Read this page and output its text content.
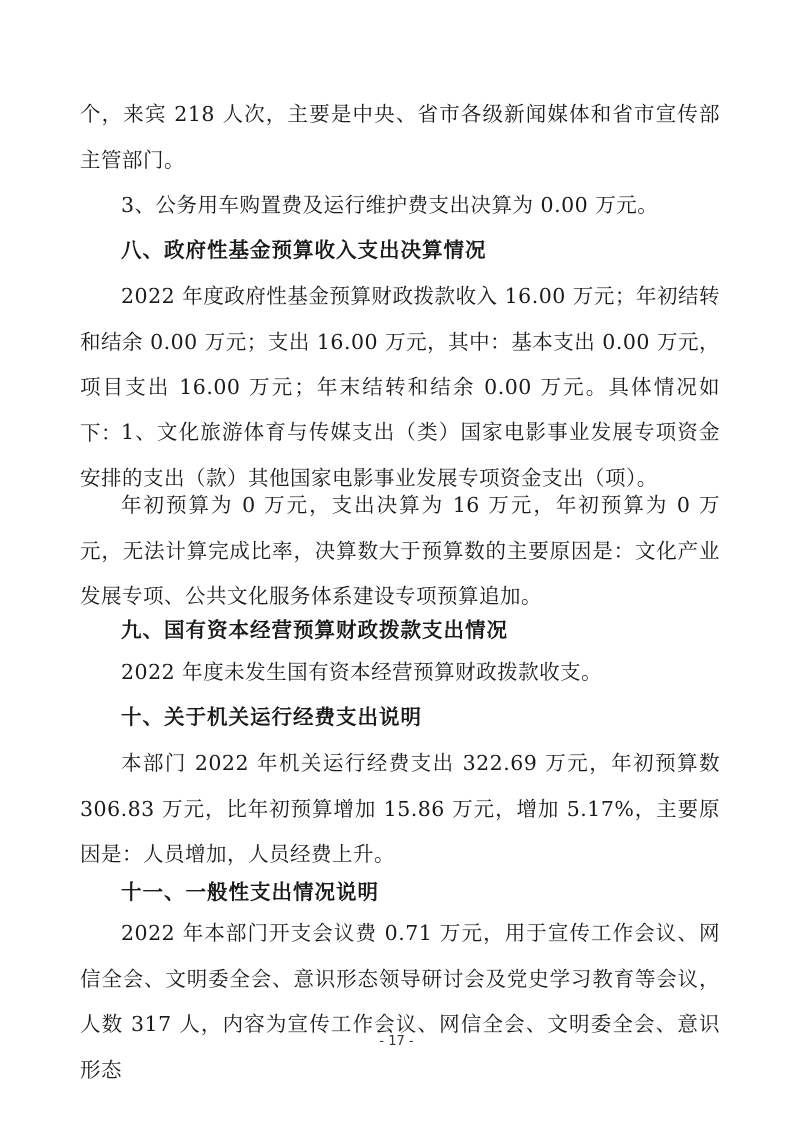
个，来宾 218 人次，主要是中央、省市各级新闻媒体和省市宣传部主管部门。

3、公务用车购置费及运行维护费支出决算为 0.00 万元。

八、政府性基金预算收入支出决算情况

2022 年度政府性基金预算财政拨款收入 16.00 万元；年初结转和结余 0.00 万元；支出 16.00 万元，其中：基本支出 0.00 万元，项目支出 16.00 万元；年末结转和结余 0.00 万元。具体情况如下： 1、文化旅游体育与传媒支出（类）国家电影事业发展专项资金安排的支出（款）其他国家电影事业发展专项资金支出（项）。

年初预算为 0 万元，支出决算为 16 万元，年初预算为 0 万元，无法计算完成比率，决算数大于预算数的主要原因是：文化产业发展专项、公共文化服务体系建设专项预算追加。

九、国有资本经营预算财政拨款支出情况

2022 年度未发生国有资本经营预算财政拨款收支。

十、关于机关运行经费支出说明

本部门 2022 年机关运行经费支出 322.69 万元，年初预算数 306.83 万元，比年初预算增加 15.86 万元，增加 5.17%，主要原因是：人员增加，人员经费上升。

十一、一般性支出情况说明

2022 年本部门开支会议费 0.71 万元，用于宣传工作会议、网信全会、文明委全会、意识形态领导研讨会及党史学习教育等会议，人数 317 人，内容为宣传工作会议、网信全会、文明委全会、意识形态

- 17 -
